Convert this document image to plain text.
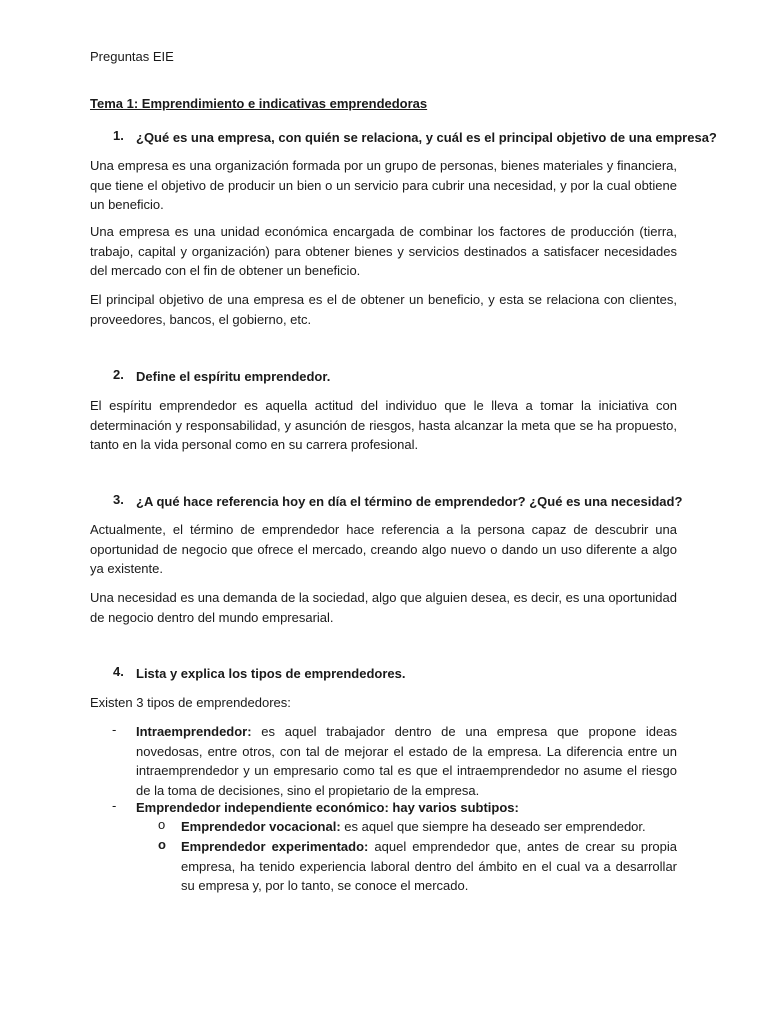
Preguntas EIE

Tema 1: Emprendimiento e indicativas emprendedoras

1. ¿Qué es una empresa, con quién se relaciona, y cuál es el principal objetivo de una empresa?

Una empresa es una organización formada por un grupo de personas, bienes materiales y financiera, que tiene el objetivo de producir un bien o un servicio para cubrir una necesidad, y por la cual obtiene un beneficio.

Una empresa es una unidad económica encargada de combinar los factores de producción (tierra, trabajo, capital y organización) para obtener bienes y servicios destinados a satisfacer necesidades del mercado con el fin de obtener un beneficio.

El principal objetivo de una empresa es el de obtener un beneficio, y esta se relaciona con clientes, proveedores, bancos, el gobierno, etc.

2. Define el espíritu emprendedor.

El espíritu emprendedor es aquella actitud del individuo que le lleva a tomar la iniciativa con determinación y responsabilidad, y asunción de riesgos, hasta alcanzar la meta que se ha propuesto, tanto en la vida personal como en su carrera profesional.

3. ¿A qué hace referencia hoy en día el término de emprendedor? ¿Qué es una necesidad?

Actualmente, el término de emprendedor hace referencia a la persona capaz de descubrir una oportunidad de negocio que ofrece el mercado, creando algo nuevo o dando un uso diferente a algo ya existente.

Una necesidad es una demanda de la sociedad, algo que alguien desea, es decir, es una oportunidad de negocio dentro del mundo empresarial.

4. Lista y explica los tipos de emprendedores.

Existen 3 tipos de emprendedores:

- Intraemprendedor: es aquel trabajador dentro de una empresa que propone ideas novedosas, entre otros, con tal de mejorar el estado de la empresa. La diferencia entre un intraemprendedor y un empresario como tal es que el intraemprendedor no asume el riesgo de la toma de decisiones, sino el propietario de la empresa.

- Emprendedor independiente económico: hay varios subtipos:

o Emprendedor vocacional: es aquel que siempre ha deseado ser emprendedor.

o Emprendedor experimentado: aquel emprendedor que, antes de crear su propia empresa, ha tenido experiencia laboral dentro del ámbito en el cual va a desarrollar su empresa y, por lo tanto, se conoce el mercado.
